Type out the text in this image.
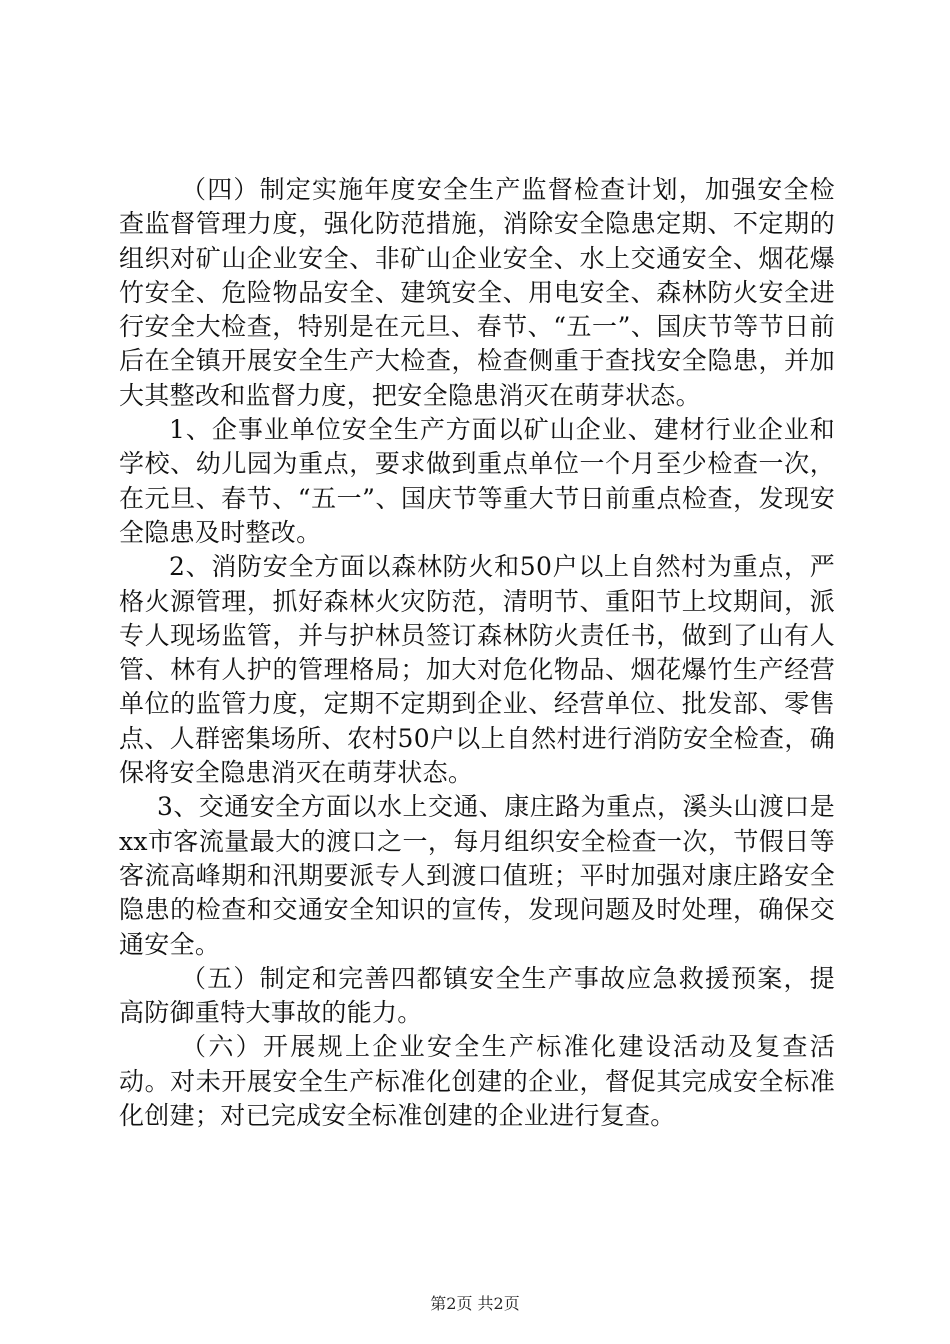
（四）制定实施年度安全生产监督检查计划，加强安全检查监督管理力度，强化防范措施，消除安全隐患定期、不定期的组织对矿山企业安全、非矿山企业安全、水上交通安全、烟花爆竹安全、危险物品安全、建筑安全、用电安全、森林防火安全进行安全大检查，特别是在元旦、春节、“五一”、国庆节等节日前后在全镇开展安全生产大检查，检查侧重于查找安全隐患，并加大其整改和监督力度，把安全隐患消灭在萌芽状态。

1、企事业单位安全生产方面以矿山企业、建材行业企业和学校、幼儿园为重点，要求做到重点单位一个月至少检查一次，在元旦、春节、“五一”、国庆节等重大节日前重点检查，发现安全隐患及时整改。

2、消防安全方面以森林防火和50户以上自然村为重点，严格火源管理，抓好森林火灾防范，清明节、重阳节上坟期间，派专人现场监管，并与护林员签订森林防火责任书，做到了山有人管、林有人护的管理格局；加大对危化物品、烟花爆竹生产经营单位的监管力度，定期不定期到企业、经营单位、批发部、零售点、人群密集场所、农村50户以上自然村进行消防安全检查，确保将安全隐患消灭在萌芽状态。

3、交通安全方面以水上交通、康庄路为重点，溪头山渡口是xx市客流量最大的渡口之一，每月组织安全检查一次，节假日等客流高峰期和汛期要派专人到渡口值班；平时加强对康庄路安全隐患的检查和交通安全知识的宣传，发现问题及时处理，确保交通安全。

（五）制定和完善四都镇安全生产事故应急救援预案，提高防御重特大事故的能力。

（六）开展规上企业安全生产标准化建设活动及复查活动。对未开展安全生产标准化创建的企业，督促其完成安全标准化创建；对已完成安全标准创建的企业进行复查。

第2页 共2页
